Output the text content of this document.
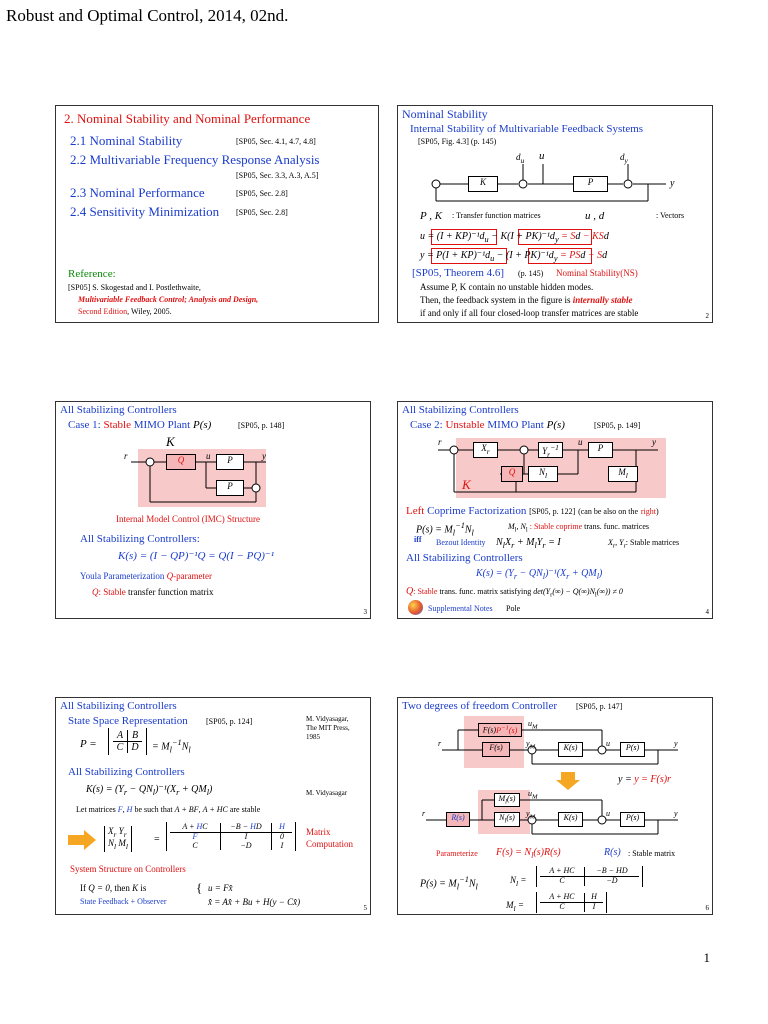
Robust and Optimal Control, 2014, 02nd.
2. Nominal Stability and Nominal Performance
2.1 Nominal Stability	[SP05, Sec. 4.1, 4.7, 4.8]
2.2 Multivariable Frequency Response Analysis
[SP05, Sec. 3.3, A.3, A.5]
2.3 Nominal Performance	[SP05, Sec. 2.8]
2.4 Sensitivity Minimization [SP05, Sec. 2.8]
Reference:
[SP05] S. Skogestad and I. Postlethwaite,
Multivariable Feedback Control; Analysis and Design,
Second Edition, Wiley, 2005.
Nominal Stability
Internal Stability of Multivariable Feedback Systems
[SP05, Fig. 4.3] (p. 145)
K	P
$d_u$ u	$d_y$
y
P , K : Transfer function matrices	u , d	: Vectors
$u = (I + KP)^{-1}d_u - K(I + PK)^{-1}d_y = Sd$ − KSd
$y = P(I + KP)^{-1}d_u - (I + PK)^{-1}d_y$ = PSd − Sd
[SP05, Theorem 4.6] (p. 145) Nominal Stability(NS)
Assume P, K contain no unstable hidden modes.
Then, the feedback system in the figure is internally stable
if and only if all four closed-loop transfer matrices are stable	2
All Stabilizing Controllers
Case 1: Stable MIMO Plant P(s)	[SP05, p. 148]
K
Q	P
P
r	u	y
Internal Model Control (IMC) Structure
All Stabilizing Controllers:
K(s) = (I − QP)⁻¹Q = Q(I − PQ)⁻¹
Youla Parameterization Q-parameter
Q: Stable transfer function matrix
3
All Stabilizing Controllers
Case 2: Unstable MIMO Plant P(s)	[SP05, p. 149]
$X_r$	$Y_r^{-1}$	P
Q	$N_l$	$M_l$
K
r	u	y
Left Coprime Factorization [SP05, p. 122] (can be also on the right)
$P(s) = M_l^{-1}N_l$
$M_l$, $N_l$ : Stable coprime trans. func. matrices
iff Bezout Identity $N_lX_r + M_lY_r = I$	$X_r$, $Y_r$: Stable matrices
All Stabilizing Controllers
$K(s) = (Y_r - QN_l)^{-1}(X_r + QM_l)$
Q: Stable trans. func. matrix satisfying $\det(Y_r(\infty) - Q(\infty)N_l(\infty)) \ne 0$
Supplemental Notes Pole	4
All Stabilizing Controllers
State Space Representation [SP05, p. 124]	M. Vidyasagar,
The MIT Press,
1985
P =
A B
C D	= $M_l^{-1}N_l$
All Stabilizing Controllers
$K(s) = (Y_r - QN_l)^{-1}(X_r + QM_l)$	M. Vidyasagar
Let matrices F, H be such that A + BF, A + HC are stable
$X_r$ $Y_r$
$N_l$ $M_l$
=
A + HC	−B − HD	H
F	I	0
C	−D	I
Matrix
Computation
System Structure on Controllers
If Q = 0, then K is
State Feedback + Observer
{ u = Fx̂
x̂̇ = Ax̂ + Bu + H(y − Cx̂)
5
Two degrees of freedom Controller [SP05, p. 147]
$F(s)P^{-1}(s)$
F(s)	K(s)	P(s)
$u_M$
$y_M$
r	u	y
y = y = F(s)r
R(s)
$M_l(s)$
$N_l(s)$	K(s)	P(s)
$u_M$
$y_M$
r	u	y
Parameterize $F(s) = N_l(s)R(s)$	R(s) : Stable matrix
$P(s) = M_l^{-1}N_l$
$N_l$ =
A + HC	−B − HD
C	−D
$M_l$ =
A + HC	H
C	I	6
1
